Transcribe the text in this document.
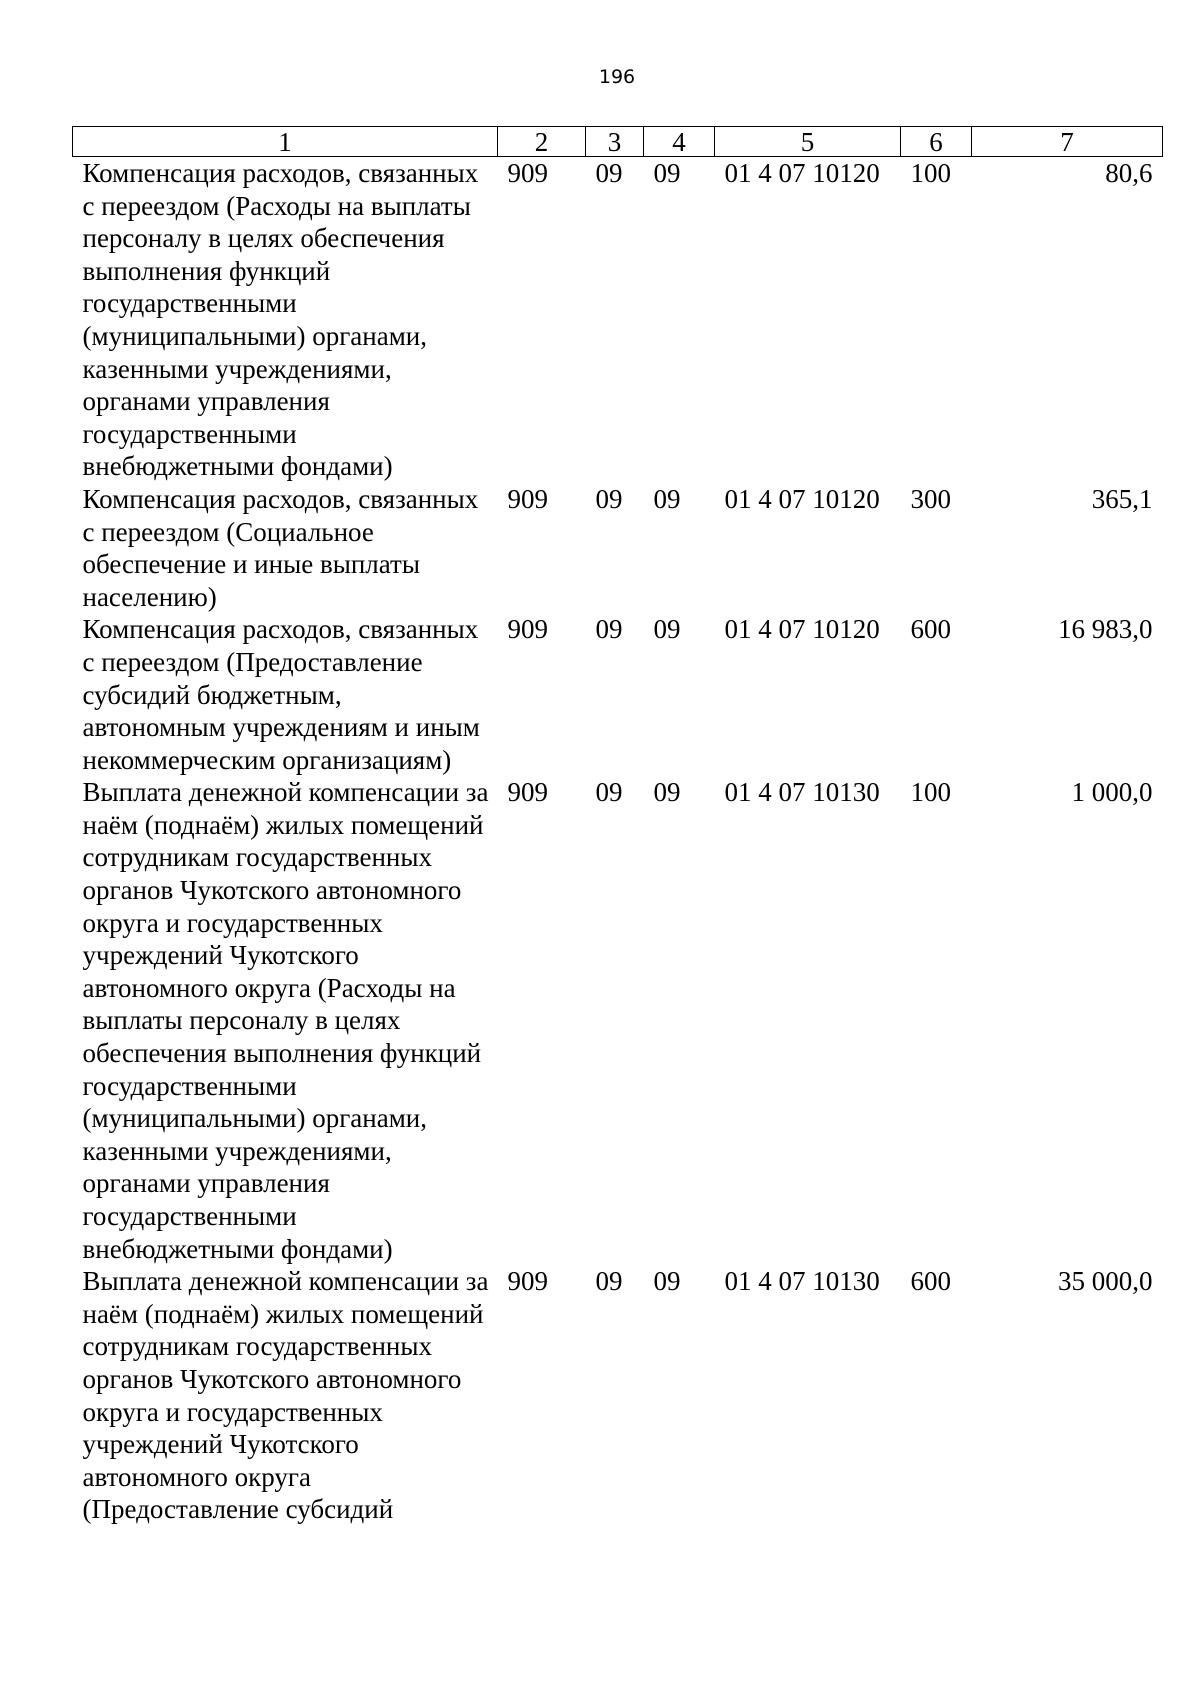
196
1	2	3	4	5	6	7
Компенсация расходов, связанных с переездом (Расходы на выплаты персоналу в целях обеспечения выполнения функций государственными (муниципальными) органами, казенными учреждениями, органами управления государственными внебюджетными фондами)	909	09	09	01 4 07 10120	100	80,6
Компенсация расходов, связанных с переездом (Социальное обеспечение и иные выплаты населению)	909	09	09	01 4 07 10120	300	365,1
Компенсация расходов, связанных с переездом (Предоставление субсидий бюджетным, автономным учреждениям и иным некоммерческим организациям)	909	09	09	01 4 07 10120	600	16 983,0
Выплата денежной компенсации за наём (поднаём) жилых помещений сотрудникам государственных органов Чукотского автономного округа и государственных учреждений Чукотского автономного округа (Расходы на выплаты персоналу в целях обеспечения выполнения функций государственными (муниципальными) органами, казенными учреждениями, органами управления государственными внебюджетными фондами)	909	09	09	01 4 07 10130	100	1 000,0
Выплата денежной компенсации за наём (поднаём) жилых помещений сотрудникам государственных органов Чукотского автономного округа и государственных учреждений Чукотского автономного округа (Предоставление субсидий	909	09	09	01 4 07 10130	600	35 000,0
